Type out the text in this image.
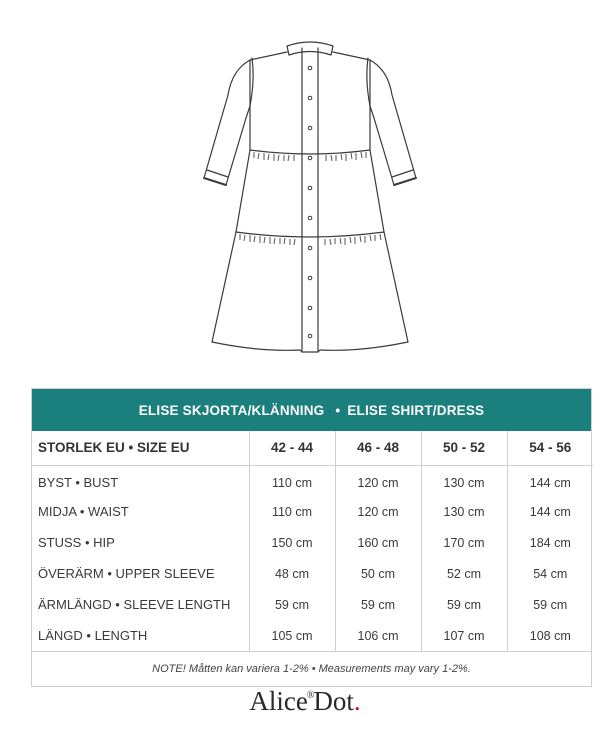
ELISE SKJORTA/KLÄNNING • ELISE SHIRT/DRESS
STORLEK EU • SIZE EU	42 - 44	46 - 48	50 - 52	54 - 56
BYST • BUST	110 cm	120 cm	130 cm	144 cm
MIDJA • WAIST	110 cm	120 cm	130 cm	144 cm
STUSS • HIP	150 cm	160 cm	170 cm	184 cm
ÖVERÄRM • UPPER SLEEVE	48 cm	50 cm	52 cm	54 cm
ÄRMLÄNGD • SLEEVE LENGTH	59 cm	59 cm	59 cm	59 cm
LÄNGD • LENGTH	105 cm	106 cm	107 cm	108 cm
NOTE! Måtten kan variera 1-2% • Measurements may vary 1-2%.
Alice®Dot.
